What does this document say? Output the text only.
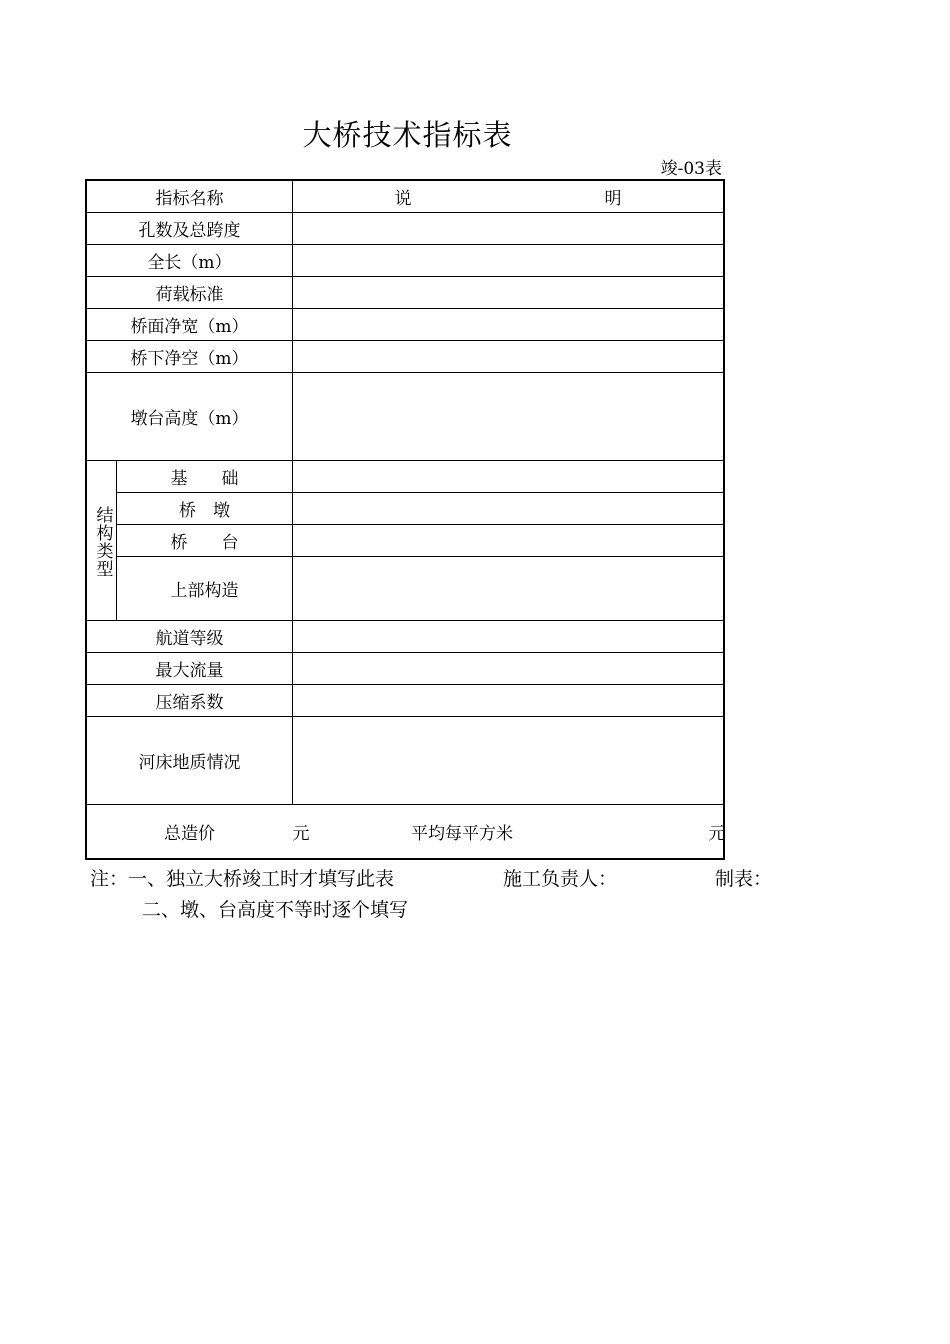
大桥技术指标表
竣-03表
指标名称	说	明
孔数及总跨度
全长（m）
荷载标准
桥面净宽（m）
桥下净空（m）
墩台高度（m）
结构类型
基　　础
桥　墩
桥　　台
上部构造
航道等级
最大流量
压缩系数
河床地质情况
总造价	元	平均每平方米	元
注：一、独立大桥竣工时才填写此表	施工负责人：	制表：
二、墩、台高度不等时逐个填写
